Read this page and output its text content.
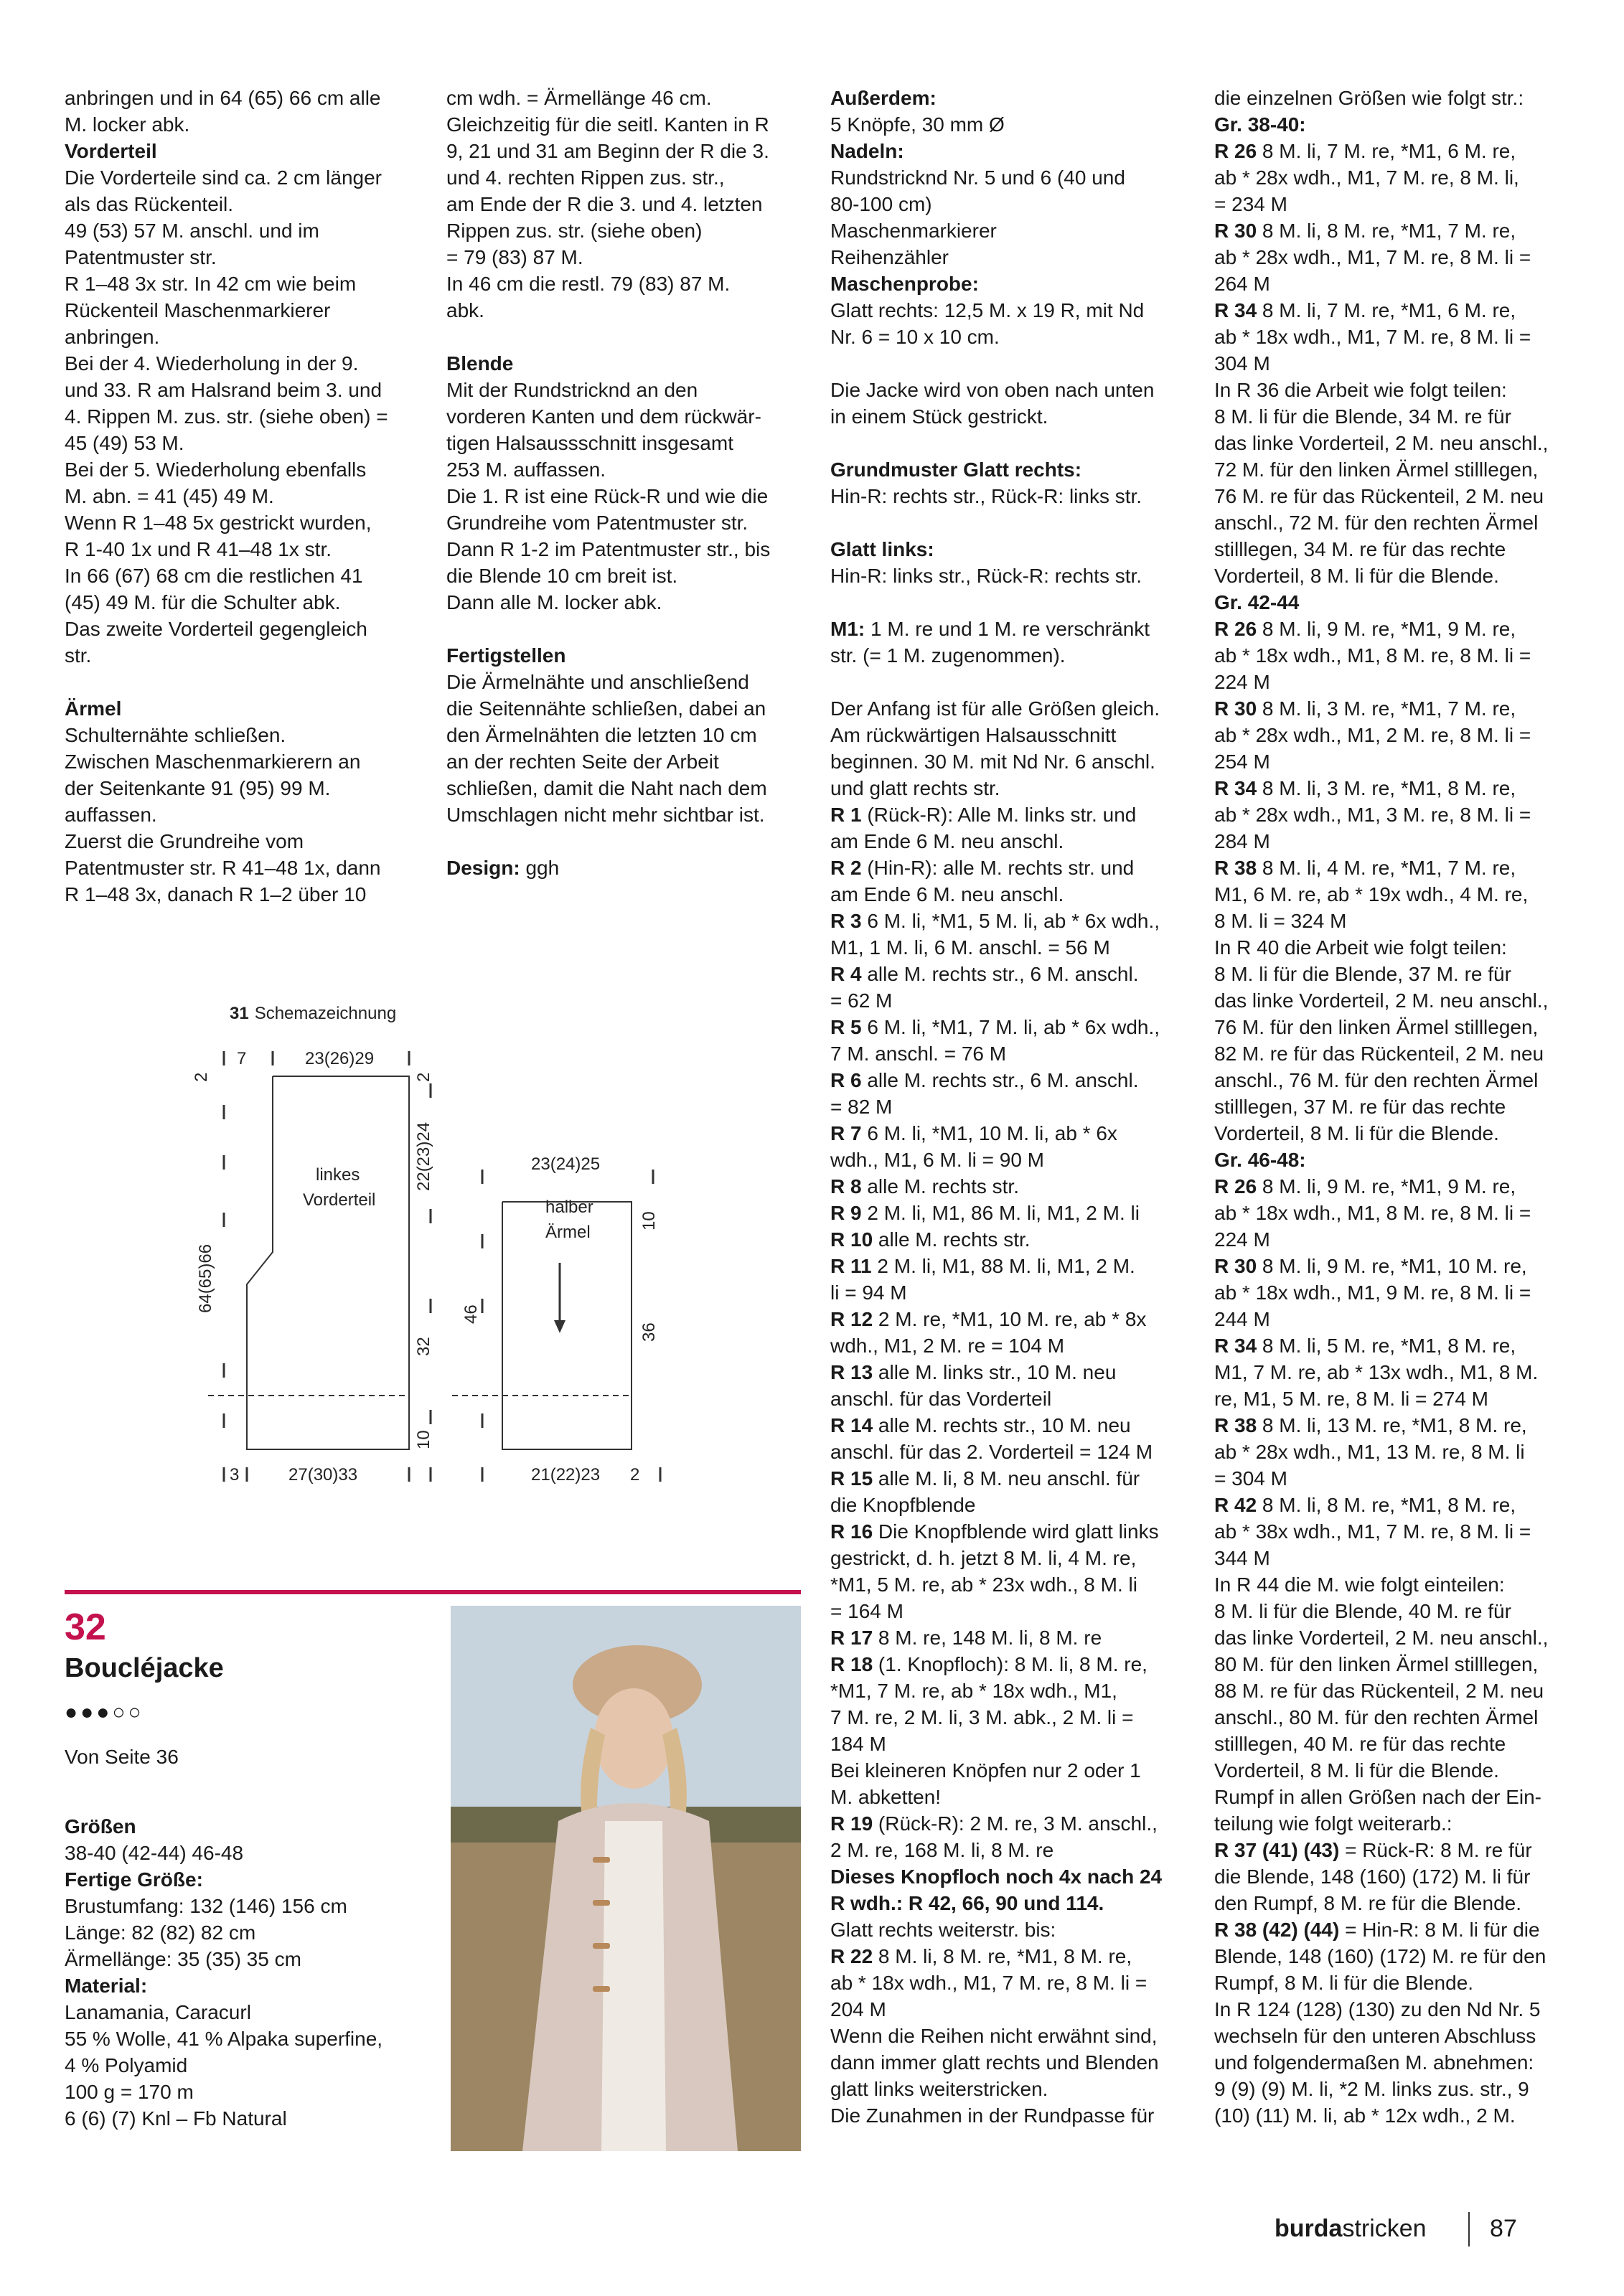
anbringen und in 64 (65) 66 cm alle

M. locker abk.

Vorderteil

Die Vorderteile sind ca. 2 cm länger

als das Rückenteil.

49 (53) 57 M. anschl. und im

Patentmuster str.

R 1–48 3x str. In 42 cm wie beim

Rückenteil Maschenmarkierer

anbringen.

Bei der 4. Wiederholung in der 9.

und 33. R am Halsrand beim 3. und

4. Rippen M. zus. str. (siehe oben) =

45 (49) 53 M.

Bei der 5. Wiederholung ebenfalls

M. abn. = 41 (45) 49 M.

Wenn R 1–48 5x gestrickt wurden,

R 1-40 1x und R 41–48 1x str.

In 66 (67) 68 cm die restlichen 41

(45) 49 M. für die Schulter abk.

Das zweite Vorderteil gegengleich

str.

Ärmel

Schulternähte schließen.

Zwischen Maschenmarkierern an

der Seitenkante 91 (95) 99 M.

auffassen.

Zuerst die Grundreihe vom

Patentmuster str. R 41–48 1x, dann

R 1–48 3x, danach R 1–2 über 10

cm wdh. = Ärmellänge 46 cm.

Gleichzeitig für die seitl. Kanten in R

9, 21 und 31 am Beginn der R die 3.

und 4. rechten Rippen zus. str.,

am Ende der R die 3. und 4. letzten

Rippen zus. str. (siehe oben)

= 79 (83) 87 M.

In 46 cm die restl. 79 (83) 87 M.

abk.

Blende

Mit der Rundstricknd an den

vorderen Kanten und dem rückwär-

tigen Halsaussschnitt insgesamt

253 M. auffassen.

Die 1. R ist eine Rück-R und wie die

Grundreihe vom Patentmuster str.

Dann R 1-2 im Patentmuster str., bis

die Blende 10 cm breit ist.

Dann alle M. locker abk.

Fertigstellen

Die Ärmelnähte und anschließend

die Seitennähte schließen, dabei an

den Ärmelnähten die letzten 10 cm

an der rechten Seite der Arbeit

schließen, damit die Naht nach dem

Umschlagen nicht mehr sichtbar ist.

Design: ggh

Außerdem:

5 Knöpfe, 30 mm Ø

Nadeln:

Rundstricknd Nr. 5 und 6 (40 und

80-100 cm)

Maschenmarkierer

Reihenzähler

Maschenprobe:

Glatt rechts: 12,5 M. x 19 R, mit Nd

Nr. 6 = 10 x 10 cm.

Die Jacke wird von oben nach unten

in einem Stück gestrickt.

Grundmuster Glatt rechts:

Hin-R: rechts str., Rück-R: links str.

Glatt links:

Hin-R: links str., Rück-R: rechts str.

M1: 1 M. re und 1 M. re verschränkt

str. (= 1 M. zugenommen).

Der Anfang ist für alle Größen gleich.

Am rückwärtigen Halsausschnitt

beginnen. 30 M. mit Nd Nr. 6 anschl.

und glatt rechts str.

R 1 (Rück-R): Alle M. links str. und

am Ende 6 M. neu anschl.

R 2 (Hin-R): alle M. rechts str. und

am Ende 6 M. neu anschl.

R 3 6 M. li, *M1, 5 M. li, ab * 6x wdh.,

M1, 1 M. li, 6 M. anschl. = 56 M

R 4 alle M. rechts str., 6 M. anschl.

= 62 M

R 5 6 M. li, *M1, 7 M. li, ab * 6x wdh.,

7 M. anschl. = 76 M

R 6 alle M. rechts str., 6 M. anschl.

= 82 M

R 7 6 M. li, *M1, 10 M. li, ab * 6x

wdh., M1, 6 M. li = 90 M

R 8 alle M. rechts str.

R 9 2 M. li, M1, 86 M. li, M1, 2 M. li

R 10 alle M. rechts str.

R 11 2 M. li, M1, 88 M. li, M1, 2 M.

li = 94 M

R 12 2 M. re, *M1, 10 M. re, ab * 8x

wdh., M1, 2 M. re = 104 M

R 13 alle M. links str., 10 M. neu

anschl. für das Vorderteil

R 14 alle M. rechts str., 10 M. neu

anschl. für das 2. Vorderteil = 124 M

R 15 alle M. li, 8 M. neu anschl. für

die Knopfblende

R 16 Die Knopfblende wird glatt links

gestrickt, d. h. jetzt 8 M. li, 4 M. re,

*M1, 5 M. re, ab * 23x wdh., 8 M. li

= 164 M

R 17 8 M. re, 148 M. li, 8 M. re

R 18 (1. Knopfloch): 8 M. li, 8 M. re,

*M1, 7 M. re, ab * 18x wdh., M1,

7 M. re, 2 M. li, 3 M. abk., 2 M. li =

184 M

Bei kleineren Knöpfen nur 2 oder 1

M. abketten!

R 19 (Rück-R): 2 M. re, 3 M. anschl.,

2 M. re, 168 M. li, 8 M. re

Dieses Knopfloch noch 4x nach 24

R wdh.: R 42, 66, 90 und 114.

Glatt rechts weiterstr. bis:

R 22 8 M. li, 8 M. re, *M1, 8 M. re,

ab * 18x wdh., M1, 7 M. re, 8 M. li =

204 M

Wenn die Reihen nicht erwähnt sind,

dann immer glatt rechts und Blenden

glatt links weiterstricken.

Die Zunahmen in der Rundpasse für

die einzelnen Größen wie folgt str.:

Gr. 38-40:

R 26 8 M. li, 7 M. re, *M1, 6 M. re,

ab * 28x wdh., M1, 7 M. re, 8 M. li,

= 234 M

R 30 8 M. li, 8 M. re, *M1, 7 M. re,

ab * 28x wdh., M1, 7 M. re, 8 M. li =

264 M

R 34 8 M. li, 7 M. re, *M1, 6 M. re,

ab * 18x wdh., M1, 7 M. re, 8 M. li =

304 M

In R 36 die Arbeit wie folgt teilen:

8 M. li für die Blende, 34 M. re für

das linke Vorderteil, 2 M. neu anschl.,

72 M. für den linken Ärmel stilllegen,

76 M. re für das Rückenteil, 2 M. neu

anschl., 72 M. für den rechten Ärmel

stilllegen, 34 M. re für das rechte

Vorderteil, 8 M. li für die Blende.

Gr. 42-44

R 26 8 M. li, 9 M. re, *M1, 9 M. re,

ab * 18x wdh., M1, 8 M. re, 8 M. li =

224 M

R 30 8 M. li, 3 M. re, *M1, 7 M. re,

ab * 28x wdh., M1, 2 M. re, 8 M. li =

254 M

R 34 8 M. li, 3 M. re, *M1, 8 M. re,

ab * 28x wdh., M1, 3 M. re, 8 M. li =

284 M

R 38 8 M. li, 4 M. re, *M1, 7 M. re,

M1, 6 M. re, ab * 19x wdh., 4 M. re,

8 M. li = 324 M

In R 40 die Arbeit wie folgt teilen:

8 M. li für die Blende, 37 M. re für

das linke Vorderteil, 2 M. neu anschl.,

76 M. für den linken Ärmel stilllegen,

82 M. re für das Rückenteil, 2 M. neu

anschl., 76 M. für den rechten Ärmel

stilllegen, 37 M. re für das rechte

Vorderteil, 8 M. li für die Blende.

Gr. 46-48:

R 26 8 M. li, 9 M. re, *M1, 9 M. re,

ab * 18x wdh., M1, 8 M. re, 8 M. li =

224 M

R 30 8 M. li, 9 M. re, *M1, 10 M. re,

ab * 18x wdh., M1, 9 M. re, 8 M. li =

244 M

R 34 8 M. li, 5 M. re, *M1, 8 M. re,

M1, 7 M. re, ab * 13x wdh., M1, 8 M.

re, M1, 5 M. re, 8 M. li = 274 M

R 38 8 M. li, 13 M. re, *M1, 8 M. re,

ab * 28x wdh., M1, 13 M. re, 8 M. li

= 304 M

R 42 8 M. li, 8 M. re, *M1, 8 M. re,

ab * 38x wdh., M1, 7 M. re, 8 M. li =

344 M

In R 44 die M. wie folgt einteilen:

8 M. li für die Blende, 40 M. re für

das linke Vorderteil, 2 M. neu anschl.,

80 M. für den linken Ärmel stilllegen,

88 M. re für das Rückenteil, 2 M. neu

anschl., 80 M. für den rechten Ärmel

stilllegen, 40 M. re für das rechte

Vorderteil, 8 M. li für die Blende.

Rumpf in allen Größen nach der Ein-

teilung wie folgt weiterarb.:

R 37 (41) (43) = Rück-R: 8 M. re für

die Blende, 148 (160) (172) M. li für

den Rumpf, 8 M. re für die Blende.

R 38 (42) (44) = Hin-R: 8 M. li für die

Blende, 148 (160) (172) M. re für den

Rumpf, 8 M. li für die Blende.

In R 124 (128) (130) zu den Nd Nr. 5

wechseln für den unteren Abschluss

und folgendermaßen M. abnehmen:

9 (9) (9) M. li, *2 M. links zus. str., 9

(10) (11) M. li, ab * 12x wdh., 2 M.

31 Schemazeichnung
7	23(26)29
2	2
22(23)24
64(65)66
32
10
3	27(30)33
linkes
Vorderteil
23(24)25
10
46
36
21(22)23 2
halber
Ärmel
32
Boucléjacke
●●●○○
Von Seite 36

Größen

38-40 (42-44) 46-48

Fertige Größe:

Brustumfang: 132 (146) 156 cm

Länge: 82 (82) 82 cm

Ärmellänge: 35 (35) 35 cm

Material:

Lanamania, Caracurl

55 % Wolle, 41 % Alpaka superfine,

4 % Polyamid

100 g = 170 m

6 (6) (7) Knl – Fb Natural

burdastricken	87
